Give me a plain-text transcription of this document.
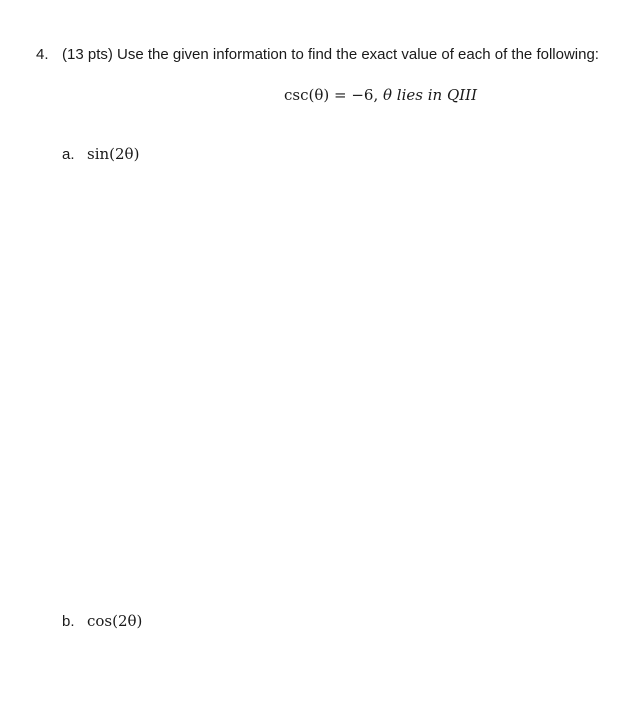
4. (13 pts) Use the given information to find the exact value of each of the following:
csc(θ) = −6, θ lies in QIII
a. sin(2θ)
b. cos(2θ)
